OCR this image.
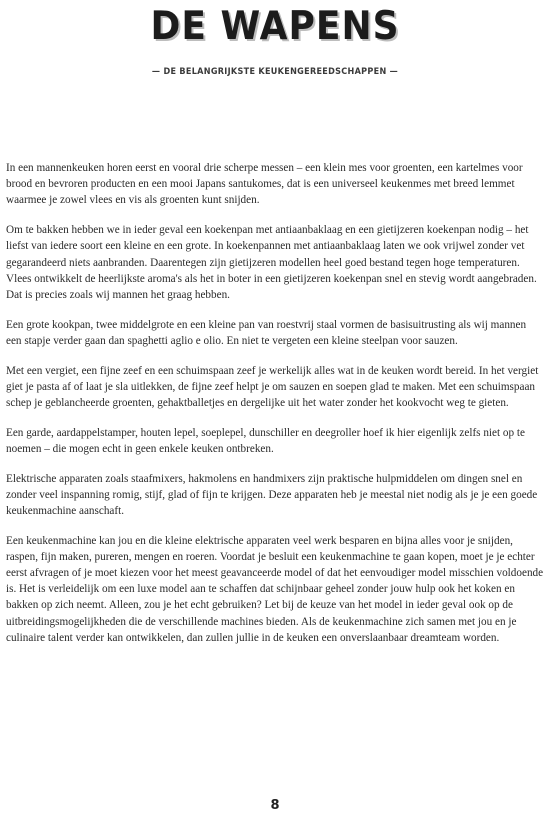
DE WAPENS
— DE BELANGRIJKSTE KEUKENGEREEDSCHAPPEN —

In een mannenkeuken horen eerst en vooral drie scherpe messen – een klein mes voor groenten, een kartelmes voor brood en bevroren producten en een mooi Japans santukomes, dat is een universeel keukenmes met breed lemmet waarmee je zowel vlees en vis als groenten kunt snijden.

Om te bakken hebben we in ieder geval een koekenpan met antiaanbaklaag en een gietijzeren koekenpan nodig – het liefst van iedere soort een kleine en een grote. In koekenpannen met antiaanbaklaag laten we ook vrijwel zonder vet gegarandeerd niets aanbranden. Daarentegen zijn gietijzeren modellen heel goed bestand tegen hoge temperaturen. Vlees ontwikkelt de heerlijkste aroma's als het in boter in een gietijzeren koekenpan snel en stevig wordt aangebraden. Dat is precies zoals wij mannen het graag hebben.

Een grote kookpan, twee middelgrote en een kleine pan van roestvrij staal vormen de basisuitrusting als wij mannen een stapje verder gaan dan spaghetti aglio e olio. En niet te vergeten een kleine steelpan voor sauzen.

Met een vergiet, een fijne zeef en een schuimspaan zeef je werkelijk alles wat in de keuken wordt bereid. In het vergiet giet je pasta af of laat je sla uitlekken, de fijne zeef helpt je om sauzen en soepen glad te maken. Met een schuimspaan schep je geblancheerde groenten, gehaktballetjes en dergelijke uit het water zonder het kookvocht weg te gieten.

Een garde, aardappelstamper, houten lepel, soeplepel, dunschiller en deegroller hoef ik hier eigenlijk zelfs niet op te noemen – die mogen echt in geen enkele keuken ontbreken.

Elektrische apparaten zoals staafmixers, hakmolens en handmixers zijn praktische hulpmiddelen om dingen snel en zonder veel inspanning romig, stijf, glad of fijn te krijgen. Deze apparaten heb je meestal niet nodig als je je een goede keukenmachine aanschaft.

Een keukenmachine kan jou en die kleine elektrische apparaten veel werk besparen en bijna alles voor je snijden, raspen, fijn maken, pureren, mengen en roeren. Voordat je besluit een keukenmachine te gaan kopen, moet je je echter eerst afvragen of je moet kiezen voor het meest geavanceerde model of dat het eenvoudiger model misschien voldoende is. Het is verleidelijk om een luxe model aan te schaffen dat schijnbaar geheel zonder jouw hulp ook het koken en bakken op zich neemt. Alleen, zou je het echt gebruiken? Let bij de keuze van het model in ieder geval ook op de uitbreidingsmogelijkheden die de verschillende machines bieden. Als de keukenmachine zich samen met jou en je culinaire talent verder kan ontwikkelen, dan zullen jullie in de keuken een onverslaanbaar dreamteam worden.

8
